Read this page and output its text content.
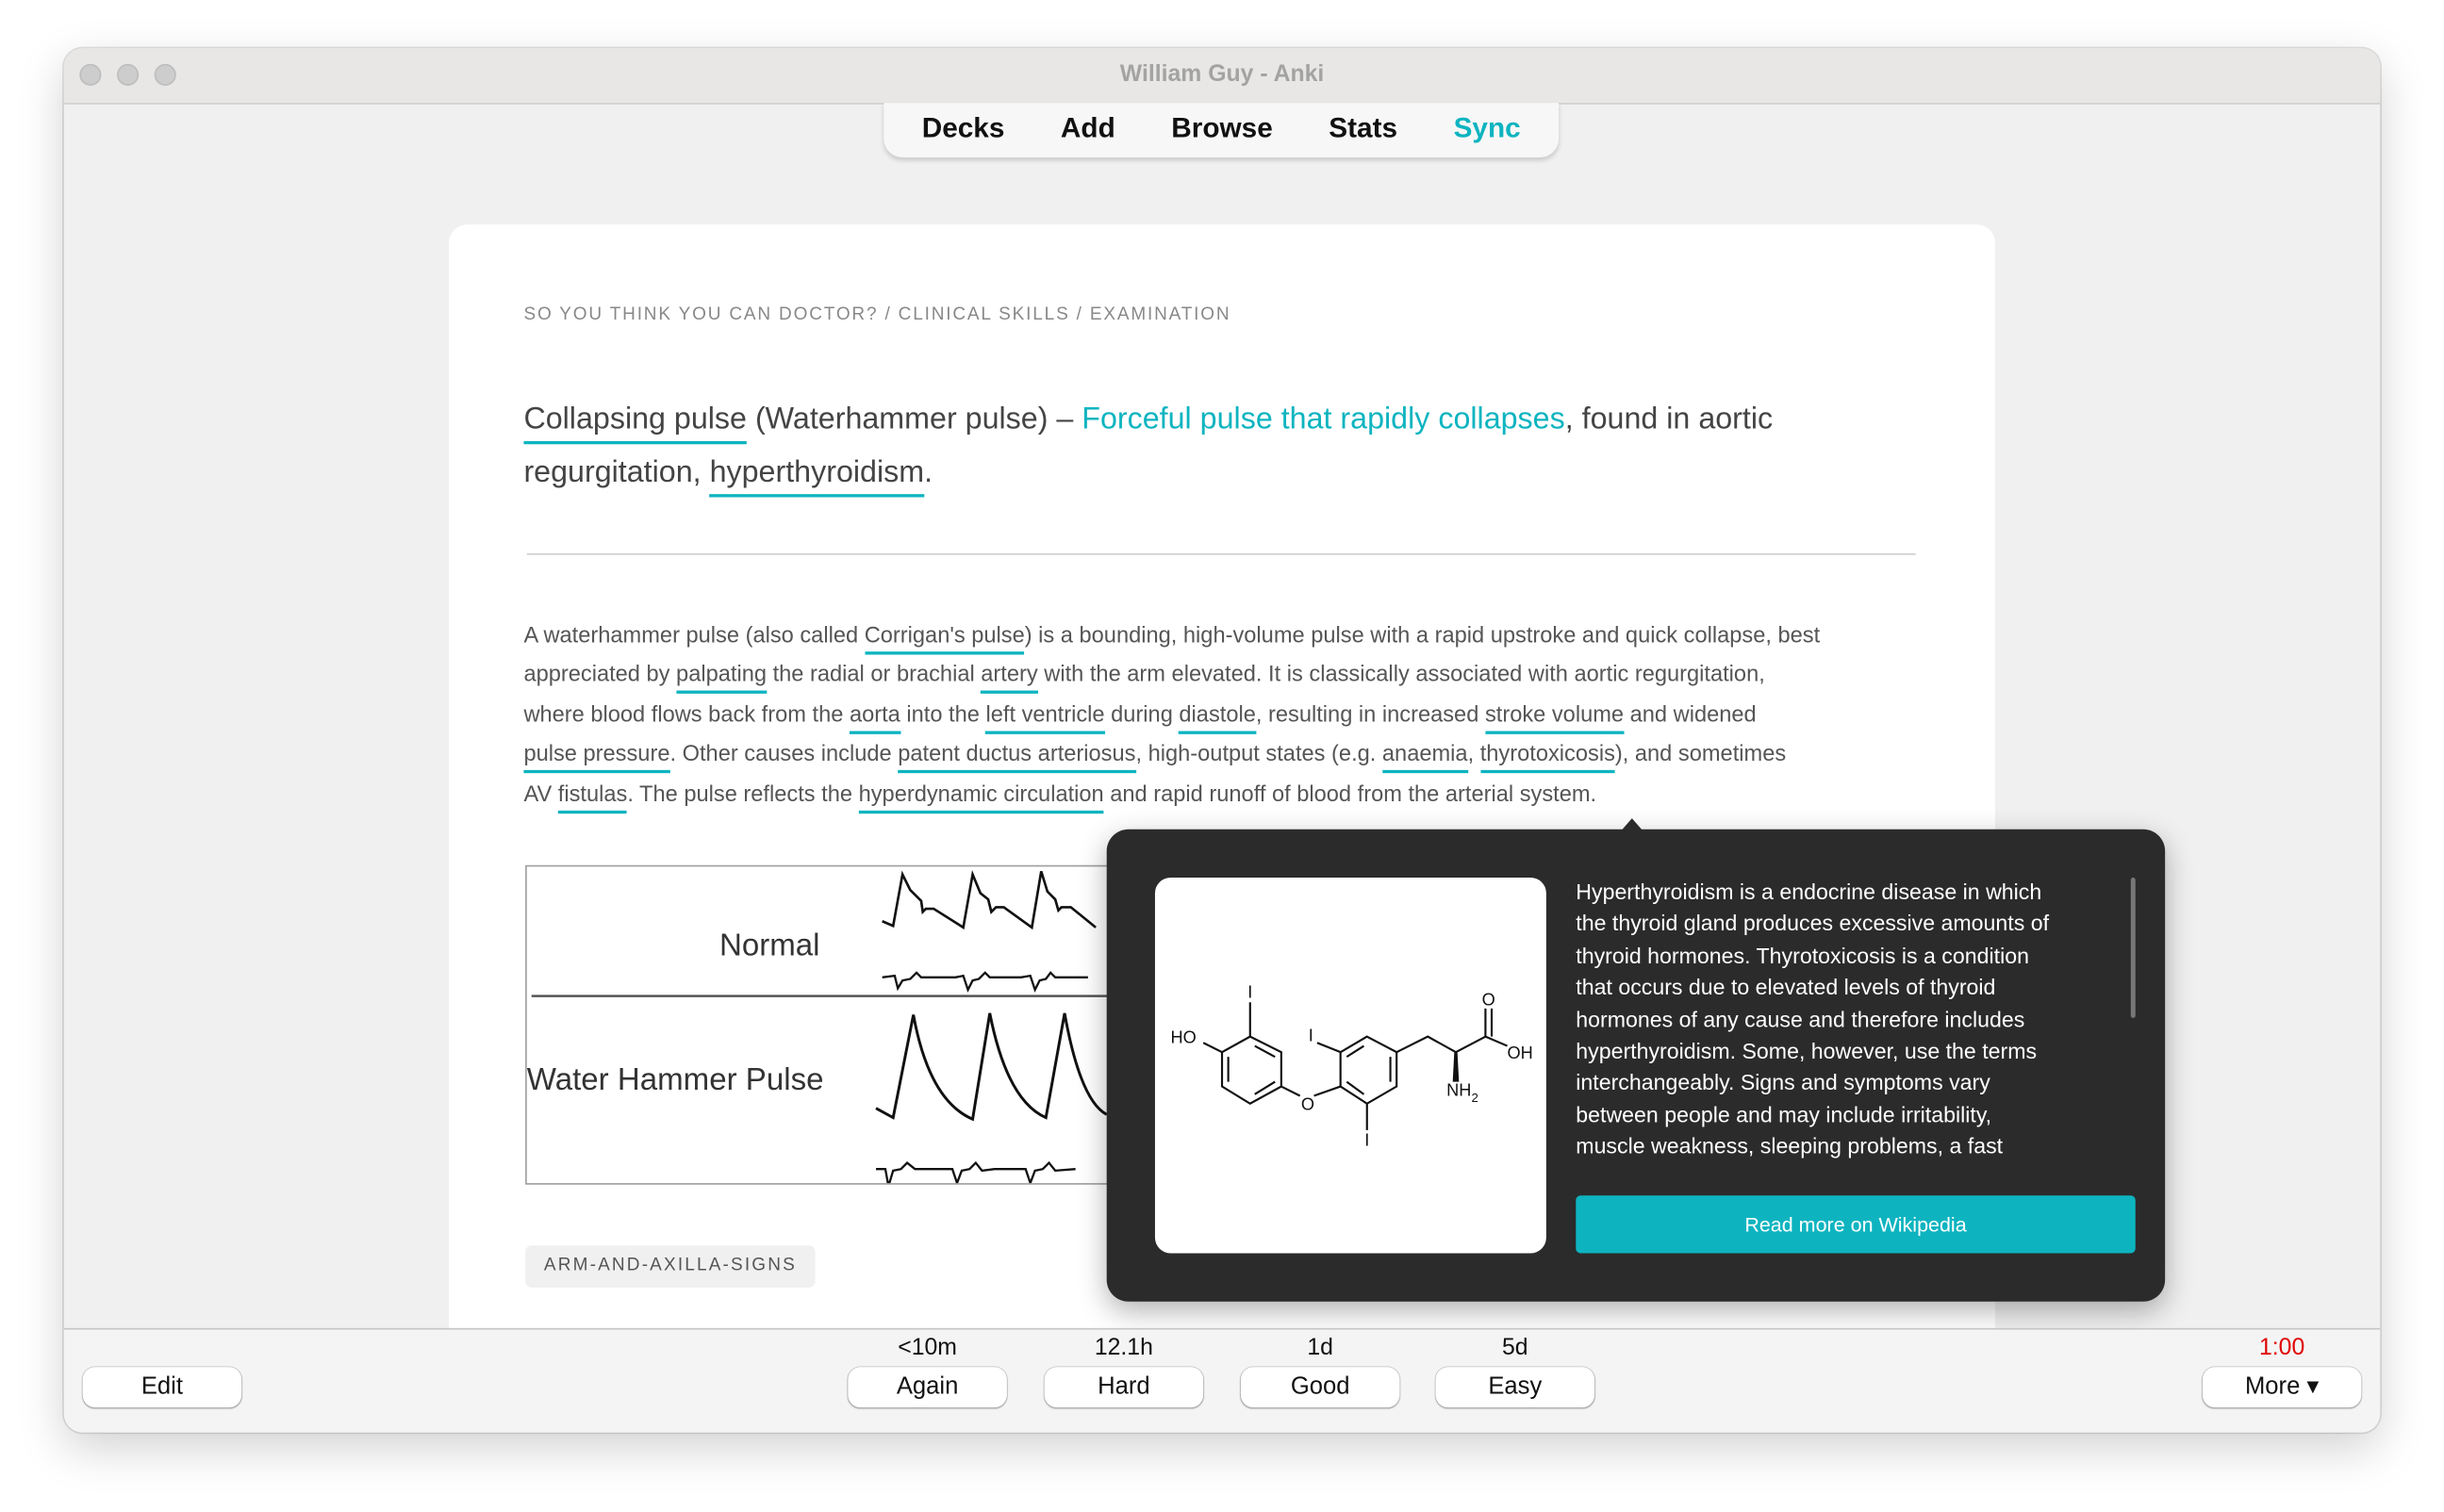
William Guy - Anki
Decks	Add	Browse	Stats	Sync
SO YOU THINK YOU CAN DOCTOR? / CLINICAL SKILLS / EXAMINATION
Collapsing pulse (Waterhammer pulse) – Forceful pulse that rapidly collapses, found in aortic
regurgitation, hyperthyroidism.
A waterhammer pulse (also called Corrigan's pulse) is a bounding, high-volume pulse with a rapid upstroke and quick collapse, best
appreciated by palpating the radial or brachial artery with the arm elevated. It is classically associated with aortic regurgitation,
where blood flows back from the aorta into the left ventricle during diastole, resulting in increased stroke volume and widened
pulse pressure. Other causes include patent ductus arteriosus, high-output states (e.g. anaemia, thyrotoxicosis), and sometimes
AV fistulas. The pulse reflects the hyperdynamic circulation and rapid runoff of blood from the arterial system.
Normal
Water Hammer Pulse
ARM-AND-AXILLA-SIGNS
I
HO
O
I
I
O
OH
NH 2
Hyperthyroidism is a endocrine disease in which
the thyroid gland produces excessive amounts of
thyroid hormones. Thyrotoxicosis is a condition
that occurs due to elevated levels of thyroid
hormones of any cause and therefore includes
hyperthyroidism. Some, however, use the terms
interchangeably. Signs and symptoms vary
between people and may include irritability,
muscle weakness, sleeping problems, a fast
Read more on Wikipedia
Edit
<10m
Again
12.1h
Hard
1d
Good
5d
Easy
1:00
More ▾
